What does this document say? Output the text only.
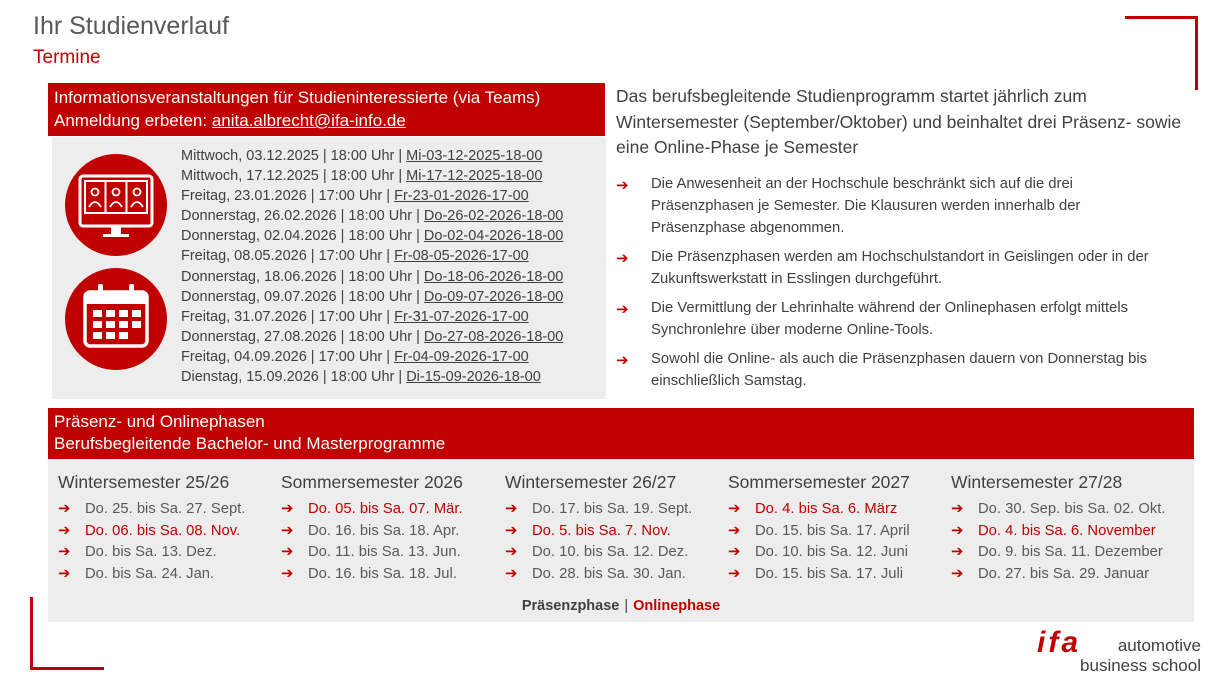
Ihr Studienverlauf
Termine
Informationsveranstaltungen für Studieninteressierte (via Teams)
Anmeldung erbeten: anita.albrecht@ifa-info.de
Mittwoch, 03.12.2025 | 18:00 Uhr | Mi-03-12-2025-18-00
Mittwoch, 17.12.2025 | 18:00 Uhr | Mi-17-12-2025-18-00
Freitag, 23.01.2026 | 17:00 Uhr | Fr-23-01-2026-17-00
Donnerstag, 26.02.2026 | 18:00 Uhr | Do-26-02-2026-18-00
Donnerstag, 02.04.2026 | 18:00 Uhr | Do-02-04-2026-18-00
Freitag, 08.05.2026 | 17:00 Uhr | Fr-08-05-2026-17-00
Donnerstag, 18.06.2026 | 18:00 Uhr | Do-18-06-2026-18-00
Donnerstag, 09.07.2026 | 18:00 Uhr | Do-09-07-2026-18-00
Freitag, 31.07.2026 | 17:00 Uhr | Fr-31-07-2026-17-00
Donnerstag, 27.08.2026 | 18:00 Uhr | Do-27-08-2026-18-00
Freitag, 04.09.2026 | 17:00 Uhr | Fr-04-09-2026-17-00
Dienstag, 15.09.2026 | 18:00 Uhr | Di-15-09-2026-18-00

Das berufsbegleitende Studienprogramm startet jährlich zum Wintersemester (September/Oktober) und beinhaltet drei Präsenz- sowie eine Online-Phase je Semester

➔ Die Anwesenheit an der Hochschule beschränkt sich auf die drei Präsenzphasen je Semester. Die Klausuren werden innerhalb der Präsenzphase abgenommen.
➔ Die Präsenzphasen werden am Hochschulstandort in Geislingen oder in der Zukunftswerkstatt in Esslingen durchgeführt.
➔ Die Vermittlung der Lehrinhalte während der Onlinephasen erfolgt mittels Synchronlehre über moderne Online-Tools.
➔ Sowohl die Online- als auch die Präsenzphasen dauern von Donnerstag bis einschließlich Samstag.
Präsenz- und Onlinephasen
Berufsbegleitende Bachelor- und Masterprogramme
Wintersemester 25/26
➔ Do. 25. bis Sa. 27. Sept.
➔ Do. 06. bis Sa. 08. Nov.
➔ Do. bis Sa. 13. Dez.
➔ Do. bis Sa. 24. Jan.
Sommersemester 2026
➔ Do. 05. bis Sa. 07. Mär.
➔ Do. 16. bis Sa. 18. Apr.
➔ Do. 11. bis Sa. 13. Jun.
➔ Do. 16. bis Sa. 18. Jul.
Wintersemester 26/27
➔ Do. 17. bis Sa. 19. Sept.
➔ Do. 5. bis Sa. 7. Nov.
➔ Do. 10. bis Sa. 12. Dez.
➔ Do. 28. bis Sa. 30. Jan.
Sommersemester 2027
➔ Do. 4. bis Sa. 6. März
➔ Do. 15. bis Sa. 17. April
➔ Do. 10. bis Sa. 12. Juni
➔ Do. 15. bis Sa. 17. Juli
Wintersemester 27/28
➔ Do. 30. Sep. bis Sa. 02. Okt.
➔ Do. 4. bis Sa. 6. November
➔ Do. 9. bis Sa. 11. Dezember
➔ Do. 27. bis Sa. 29. Januar
Präsenzphase | Onlinephase
ifa automotive
business school
